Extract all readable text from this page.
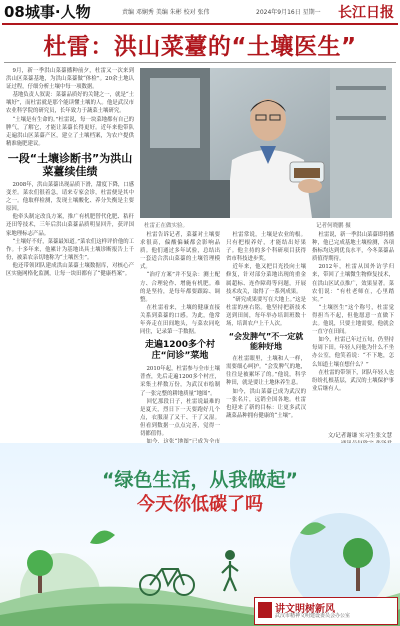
08城事·人物	责编 邓娴秀 美编 朱彬 校对 张伟	2024年9月16日 星期一 长江日报
杜雷：洪山菜薹的“土壤医生”

9月，新一季洪山菜薹播种前夕，杜雷又一次来到洪山区菜薹基地，为洪山菜薹做“体检”。20余土地认证过程，仔细分析土壤中每一项数据。

基地负责人叙说：菜薹品质好的关键之一，就是“土壤好”，而杜雷就是那个能读懂土壤的人。他是武汉市农业科学院的研究员，长年致力于蔬菜土壤研究。

“土壤是有生命的。”杜雷说，每一块菜地都有自己的脾气，了解它，才能让菜薹长得更好。近年来他带队走遍洪山区菜薹产区，建立了土壤档案，为农户提供精准施肥建议。

一段“土壤诊断书”为洪山菜薹续佳绩

2008年，洪山菜薹出现品质下滑，甜度下降，口感变差。菜农们很着急，请来专家会诊，杜雷便是其中之一。他取样检测，发现土壤酸化、养分失衡是主要原因。

他牵头制定改良方案，推广有机肥替代化肥、秸秆还田等技术，三年后洪山菜薹品质明显回升，获评国家地理标志产品。

“土壤好不好，菜薹最知道。”菜农们这样评价他的工作。十多年来，他累计为基地出具土壤诊断报告上千份，被菜农亲切地称为“土壤医生”。

他还带领团队建成洪山菜薹土壤数据库，对核心产区实施网格化监测，让每一块田都有了“健康档案”。

杜雷正在做实验。	记者何晓鹏 摄

杜雷告诉记者，菜薹对土壤要求很高，偏酸偏碱都会影响品质。他们通过多年试验，总结出一套适合洪山菜薹的土壤管理模式。

“治疗方案”并不复杂：测土配方、合理轮作、增施有机肥。难的是坚持，是每年都要跟踪、调整。

在杜雷看来，土壤的健康直接关系到菜薹的口感。为此，他常年奔走在田间地头，与菜农同吃同住，记录第一手数据。

走遍1200多个村庄“问诊”菜地

2010年起，杜雷参与全市土壤普查，先后走遍1200多个村庄，采集土样数万份，为武汉市绘制了一张完整的耕地质量“地图”。

回忆那段日子，杜雷说最难的是夏天，烈日下一天要跑好几个点，衣服湿了又干、干了又湿。但看到数据一点点完善，觉得一切都值得。

杜雷常说，土壤是农业的根。只有把根养好，才能结出好果子。他主持的多个科研项目获得省市科技进步奖。

近年来，他又把目光投向土壤修复，针对部分菜地出现的重金属超标、连作障碍等问题，开展技术攻关，取得了一系列成果。

“研究成果要写在大地上。”这是杜雷的座右铭。他坚持把新技术送到田间，每年举办培训班数十场，培训农户上千人次。

“会发脾气”不一定就能种好地

在杜雷眼里，土壤和人一样，需要细心呵护。“会发脾气的地，往往是被累坏了的。”他说，科学种田，就是要让土地休养生息。

如今，洪山菜薹已成为武汉的一张名片，远销全国各地。杜雷也迎来了新的目标：让更多武汉蔬菜品种拥有健康的“土壤”。

杜雷说，新一季洪山菜薹即将播种，他已完成基地土壤检测，各项指标均达到优良水平，今冬菜薹品质值得期待。

2012年，杜雷从国外访学归来，带回了土壤微生物修复技术，在洪山区试点推广，效果显著。菜农们说：“有杜老师在，心里踏实。”

“土壤医生”这个称号，杜雷觉得担当不起，但他愿意一直做下去。他说，只要土地需要，他就会一直守在田间。

如今，杜雷已年过五旬，仍坚持每周下田。年轻人问他为什么不坐办公室，他笑着说：“不下地，怎么知道土壤在想什么？”

在杜雷的带领下，团队年轻人也纷纷扎根基层，武汉的土壤保护事业后继有人。

文/记者谢谦 实习生张文慧
“绿色生活，从我做起”
今天你低碳了吗
讲文明树新风
武汉市精神文明建设委员会办公室
